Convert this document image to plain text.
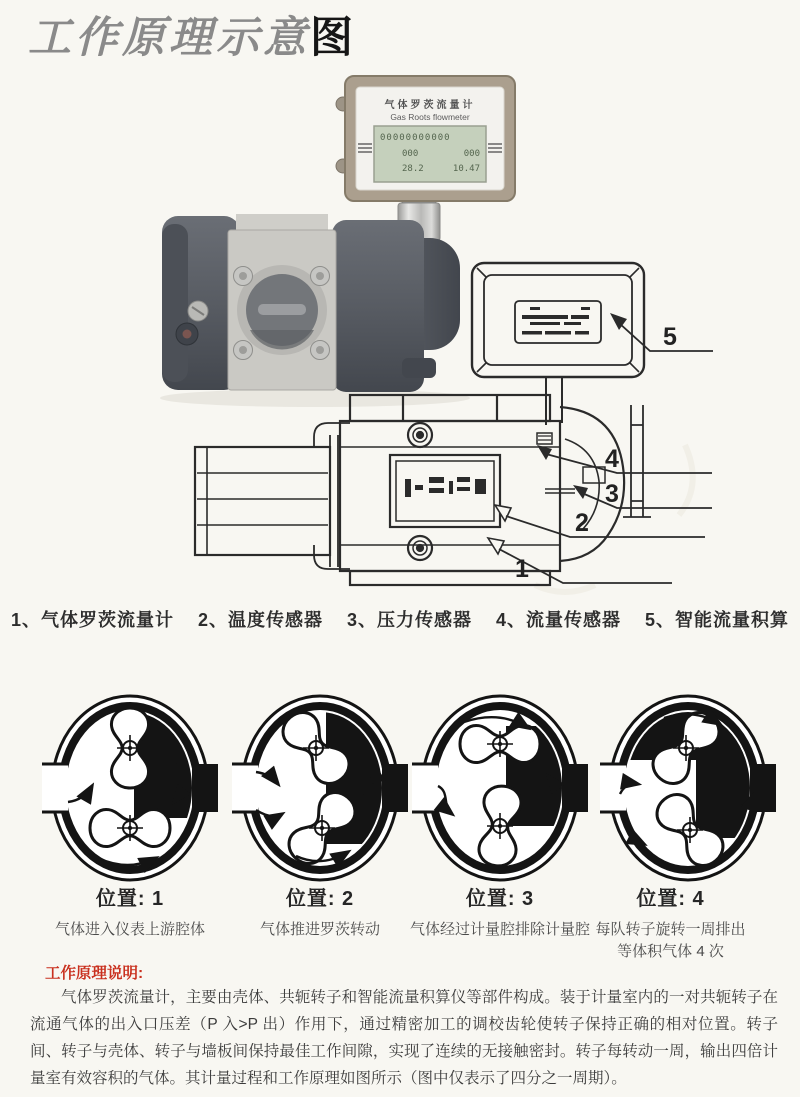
工作原理示意图
气体罗茨流量计
Gas Roots flowmeter
00000000000
000	000
28.2	10.47
5
4
3
2
1
1、气体罗茨流量计 2、温度传感器 3、压力传感器 4、流量传感器 5、智能流量积算
位置: 1
气体进入仪表上游腔体
位置: 2
气体推进罗茨转动
位置: 3
气体经过计量腔排除计量腔
位置: 4
每队转子旋转一周排出等体积气体 4 次
工作原理说明:
气体罗茨流量计，主要由壳体、共轭转子和智能流量积算仪等部件构成。装于计量室内的一对共轭转子在流通气体的出入口压差（P 入>P 出）作用下，通过精密加工的调校齿轮使转子保持正确的相对位置。转子间、转子与壳体、转子与墙板间保持最佳工作间隙，实现了连续的无接触密封。转子每转动一周，输出四倍计量室有效容积的气体。其计量过程和工作原理如图所示（图中仅表示了四分之一周期）。
